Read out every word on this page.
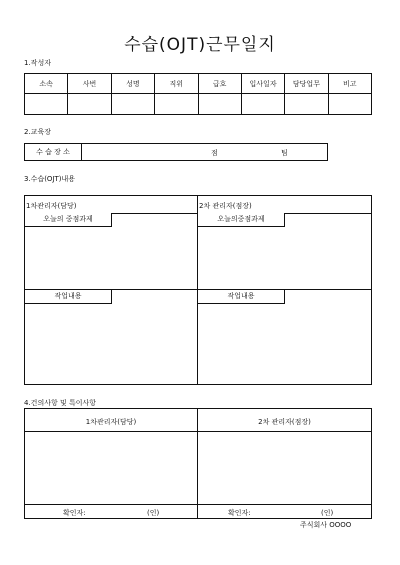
수습(OJT)근무일지
1.작성자
소속	사번	성명	직위	급호	입사일자	담당업무	비고

2.교육장
수 습 장 소	점	팀
3.수습(OJT)내용
1차관리자(담당)	2차 관리자(점장)
오늘의 중점과제	오늘의중점과제
작업내용	작업내용
4.건의사항 및 특이사항
1차관리자(담당)	2차 관리자(점장)
확인자:	(인)	확인자:	(인)
주식회사 OOOO
